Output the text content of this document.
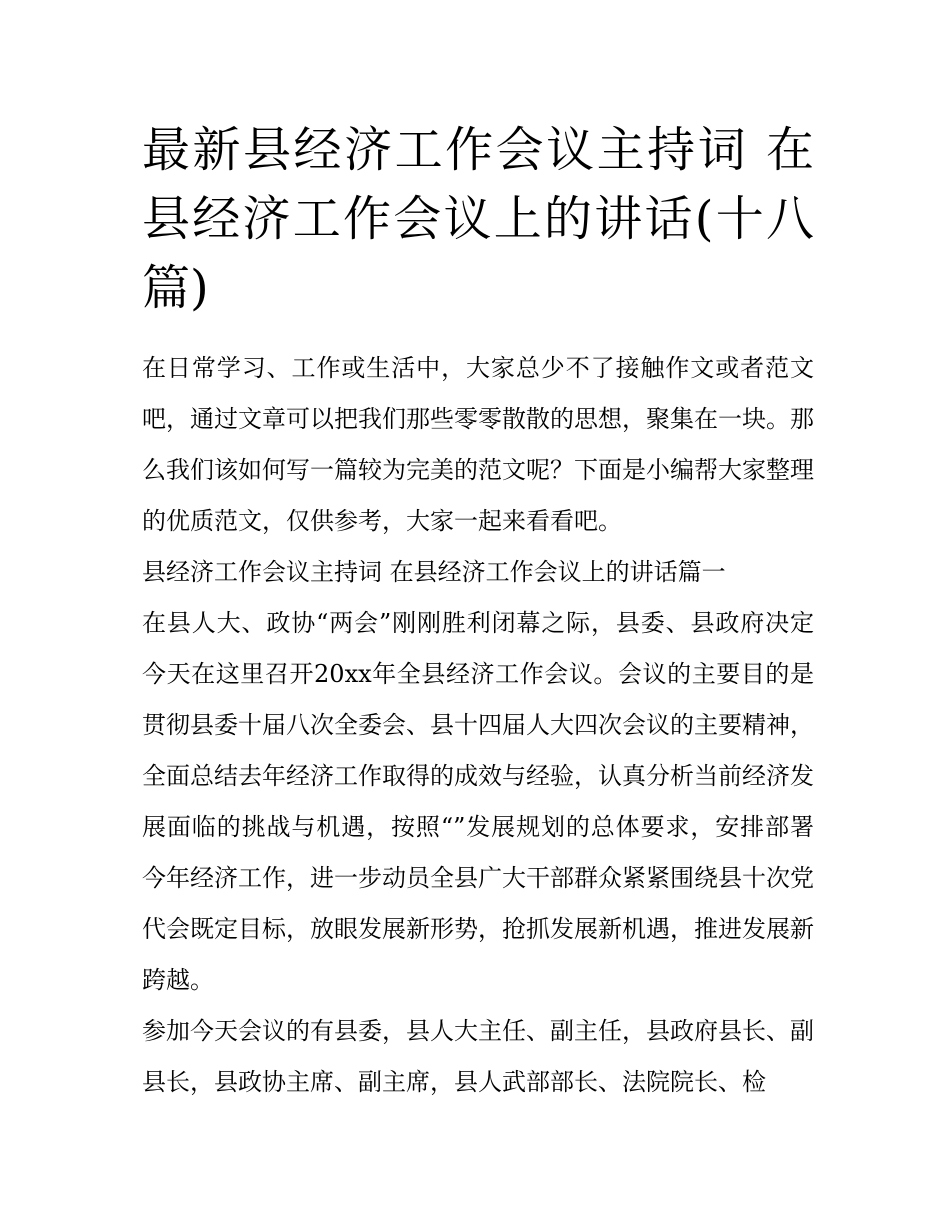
最新县经济工作会议主持词 在县经济工作会议上的讲话(十八篇)

在日常学习、工作或生活中，大家总少不了接触作文或者范文吧，通过文章可以把我们那些零零散散的思想，聚集在一块。那么我们该如何写一篇较为完美的范文呢？下面是小编帮大家整理的优质范文，仅供参考，大家一起来看看吧。

县经济工作会议主持词 在县经济工作会议上的讲话篇一

在县人大、政协“两会”刚刚胜利闭幕之际，县委、县政府决定今天在这里召开20xx年全县经济工作会议。会议的主要目的是贯彻县委十届八次全委会、县十四届人大四次会议的主要精神，全面总结去年经济工作取得的成效与经验，认真分析当前经济发展面临的挑战与机遇，按照“”发展规划的总体要求，安排部署今年经济工作，进一步动员全县广大干部群众紧紧围绕县十次党代会既定目标，放眼发展新形势，抢抓发展新机遇，推进发展新跨越。

参加今天会议的有县委，县人大主任、副主任，县政府县长、副县长，县政协主席、副主席，县人武部部长、法院院长、检
